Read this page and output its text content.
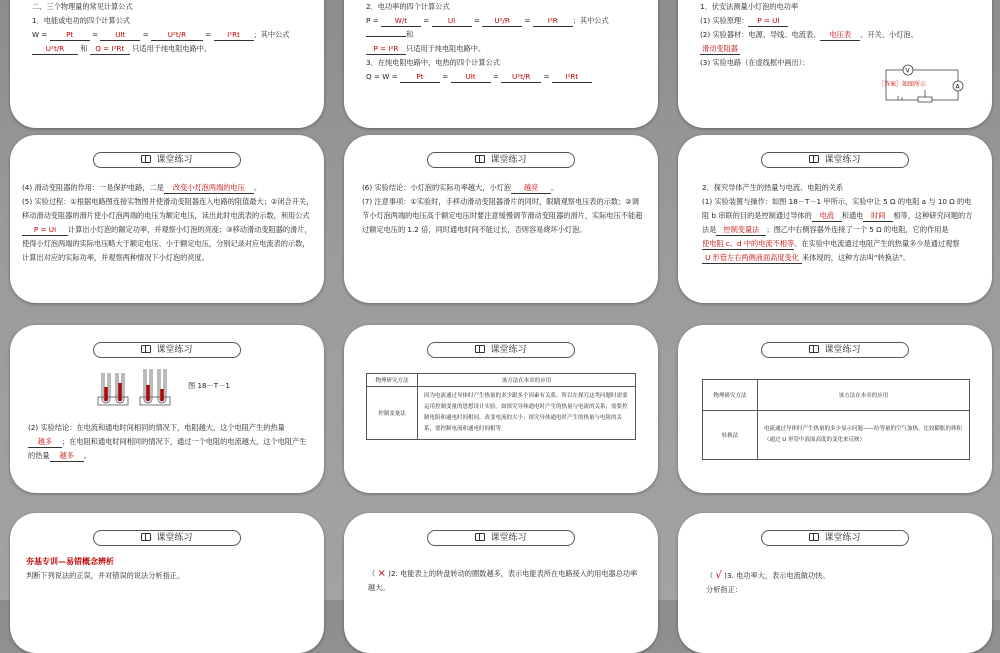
二、三个物理量的常见计算公式

1．电能或电功的四个计算公式

W =	Pt = UIt = U²t/R = I²Rt ；其中公式

U²t/R 和 Q = I²Rt 只适用于纯电阻电路中。

2．电功率的四个计算公式

P = W/t = UI = U²/R = I²R ；其中公式 和

P = I²R 只适用于纯电阻电路中。

3．在纯电阻电路中，电热的四个计算公式

Q = W =	Pt = UIt = U²t/R = I²Rt

1．伏安法测量小灯泡的电功率

(1) 实验原理： P = UI

(2) 实验器材：电源、导线、电流表、 电压表 、开关、小灯泡、

滑动变阻器

(3) 实验电路（在虚线框中画出）：

V
A
［答案］如图所示
课堂练习

(4) 滑动变阻器的作用：一是保护电路，二是 改变小灯泡两端的电压 。

(5) 实验过程：①根据电路图连接实物图并使滑动变阻器连入电路的阻值最大；②闭合开关，移动滑动变阻器的滑片使小灯泡两端的电压为额定电压，读出此时电流表的示数，利用公式P = UI 计算出小灯泡的额定功率，并观察小灯泡的亮度；③移动滑动变阻器的滑片，使得小灯泡两端的实际电压略大于额定电压、小于额定电压，分别记录对应电流表的示数，计算出对应的实际功率，并观察两种情况下小灯泡的亮度。

课堂练习

(6) 实验结论：小灯泡的实际功率越大，小灯泡 越亮 。

(7) 注意事项：①实验时，手移动滑动变阻器滑片的同时，眼睛观察电压表的示数；②调节小灯泡两端的电压高于额定电压时要注意缓慢调节滑动变阻器的滑片，实际电压不能超过额定电压的 1.2 倍，同时通电时间不能过长，否则容易烧坏小灯泡。

课堂练习

2．探究导体产生的热量与电流、电阻的关系

(1) 实验装置与操作：如图 18－T－1 甲所示，实验中让 5 Ω 的电阻 a 与 10 Ω 的电阻 b 串联的目的是控制通过导体的 电流 和通电 时间 相等，这种研究问题的方法是 控制变量法 ；图乙中右侧容器外连接了一个 5 Ω 的电阻，它的作用是使电阻 c、d 中的电流不相等。在实验中电流通过电阻产生的热量多少是通过观察U 形管左右两侧液面高度变化 来体现的，这种方法叫“转换法”。

课堂练习
图 18－T－1

(2) 实验结论：在电流和通电时间相同的情况下，电阻越大，这个电阻产生的热量越多 ；在电阻和通电时间相同的情况下，通过一个电阻的电流越大，这个电阻产生的热量 越多 。

课堂练习
物理研究方法	该方法在本章的应用
控制变量法	因为电流通过导体时产生热量的多少跟多个因素有关系，所以在探究这类问题时需要运用控制变量的思想设计实验。如探究导体通电时产生的热量与电流的关系，需要控制电阻和通电时间相同，改变电流的大小；探究导体通电时产生的热量与电阻的关系，要控制电流和通电时间相等
课堂练习
物理研究方法	该方法在本章的应用
转换法	电流通过导体时产生热量的多少显示问题——给等量的空气加热，比较膨胀的体积（通过 U 形管中液面高度的变化来反映）
课堂练习

夯基专训—易错概念辨析

判断下列说法的正误，并对错误的说法分析指正。

课堂练习

（ × )2. 电能表上的转盘转动的圈数越多，表示电能表所在电路接入的用电器总功率越大。

课堂练习

（ √ )3. 电功率大，表示电流做功快。

分析指正：
